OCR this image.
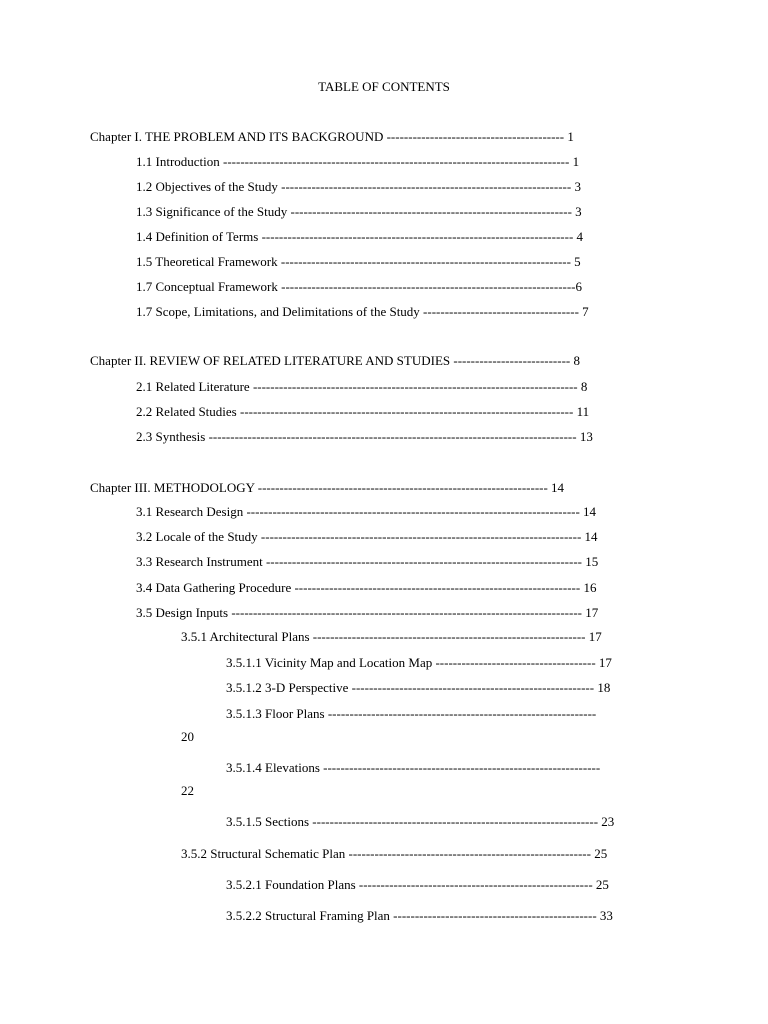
TABLE OF CONTENTS
Chapter I. THE PROBLEM AND ITS BACKGROUND ----------------------------------------- 1
1.1 Introduction -------------------------------------------------------------------------------- 1
1.2 Objectives of the Study ------------------------------------------------------------------- 3
1.3 Significance of the Study ----------------------------------------------------------------- 3
1.4 Definition of Terms ------------------------------------------------------------------------ 4
1.5 Theoretical Framework ------------------------------------------------------------------- 5
1.7 Conceptual Framework --------------------------------------------------------------------6
1.7 Scope, Limitations, and Delimitations of the Study ------------------------------------ 7
Chapter II. REVIEW OF RELATED LITERATURE AND STUDIES --------------------------- 8
2.1 Related Literature --------------------------------------------------------------------------- 8
2.2 Related Studies ----------------------------------------------------------------------------- 11
2.3 Synthesis ------------------------------------------------------------------------------------- 13
Chapter III. METHODOLOGY ------------------------------------------------------------------- 14
3.1 Research Design ----------------------------------------------------------------------------- 14
3.2 Locale of the Study -------------------------------------------------------------------------- 14
3.3 Research Instrument ------------------------------------------------------------------------- 15
3.4 Data Gathering Procedure ------------------------------------------------------------------ 16
3.5 Design Inputs --------------------------------------------------------------------------------- 17
3.5.1 Architectural Plans --------------------------------------------------------------- 17
3.5.1.1 Vicinity Map and Location Map ------------------------------------- 17
3.5.1.2 3-D Perspective -------------------------------------------------------- 18
3.5.1.3 Floor Plans --------------------------------------------------------------
20
3.5.1.4 Elevations ----------------------------------------------------------------
22
3.5.1.5 Sections ------------------------------------------------------------------ 23
3.5.2 Structural Schematic Plan -------------------------------------------------------- 25
3.5.2.1 Foundation Plans ------------------------------------------------------ 25
3.5.2.2 Structural Framing Plan ----------------------------------------------- 33
